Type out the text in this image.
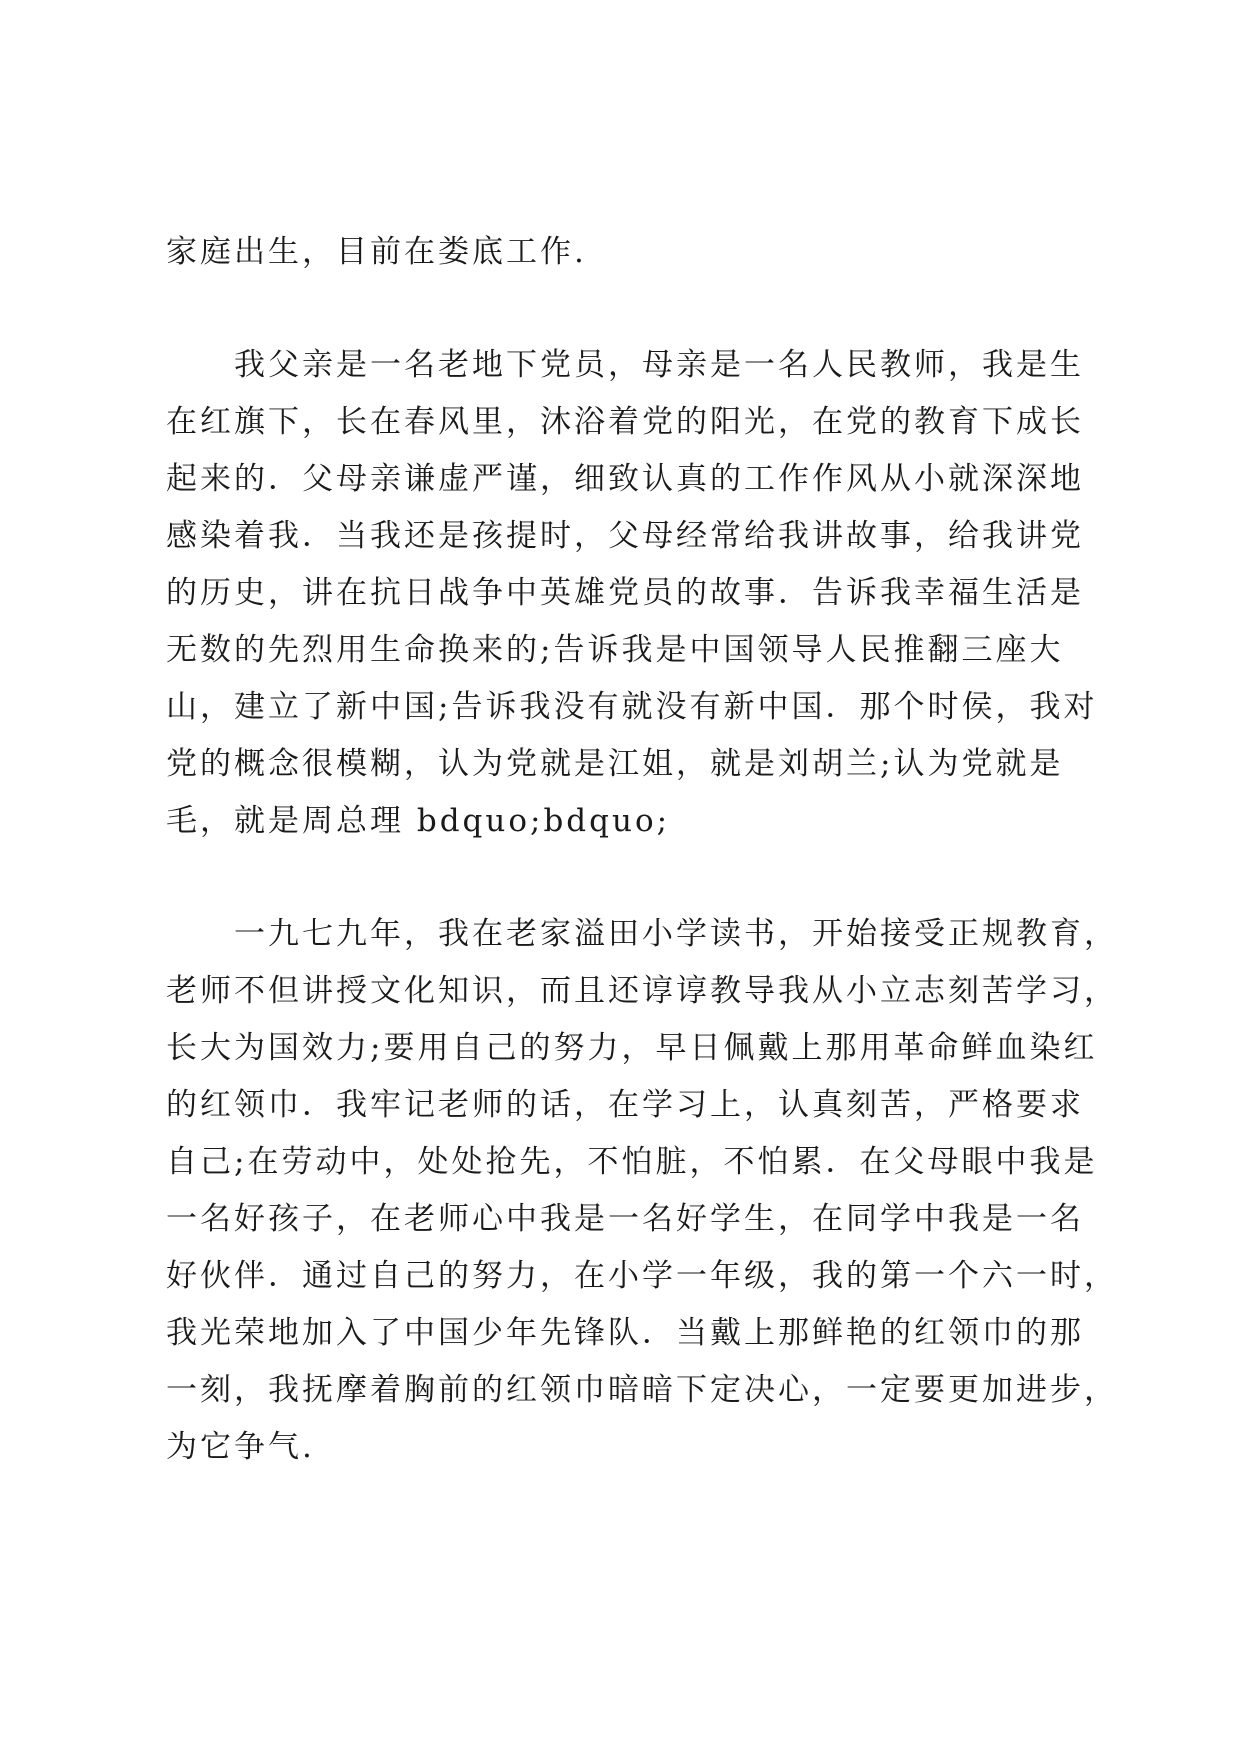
家庭出生，目前在娄底工作.
我父亲是一名老地下党员，母亲是一名人民教师，我是生
在红旗下，长在春风里，沐浴着党的阳光，在党的教育下成长
起来的．父母亲谦虚严谨，细致认真的工作作风从小就深深地
感染着我．当我还是孩提时，父母经常给我讲故事，给我讲党
的历史，讲在抗日战争中英雄党员的故事．告诉我幸福生活是
无数的先烈用生命换来的;告诉我是中国领导人民推翻三座大
山，建立了新中国;告诉我没有就没有新中国．那个时侯，我对
党的概念很模糊，认为党就是江姐，就是刘胡兰;认为党就是
毛，就是周总理 bdquo;bdquo;
一九七九年，我在老家溢田小学读书，开始接受正规教育，
老师不但讲授文化知识，而且还谆谆教导我从小立志刻苦学习，
长大为国效力;要用自己的努力，早日佩戴上那用革命鲜血染红
的红领巾．我牢记老师的话，在学习上，认真刻苦，严格要求
自己;在劳动中，处处抢先，不怕脏，不怕累．在父母眼中我是
一名好孩子，在老师心中我是一名好学生，在同学中我是一名
好伙伴．通过自己的努力，在小学一年级，我的第一个六一时，
我光荣地加入了中国少年先锋队．当戴上那鲜艳的红领巾的那
一刻，我抚摩着胸前的红领巾暗暗下定决心，一定要更加进步，
为它争气.
